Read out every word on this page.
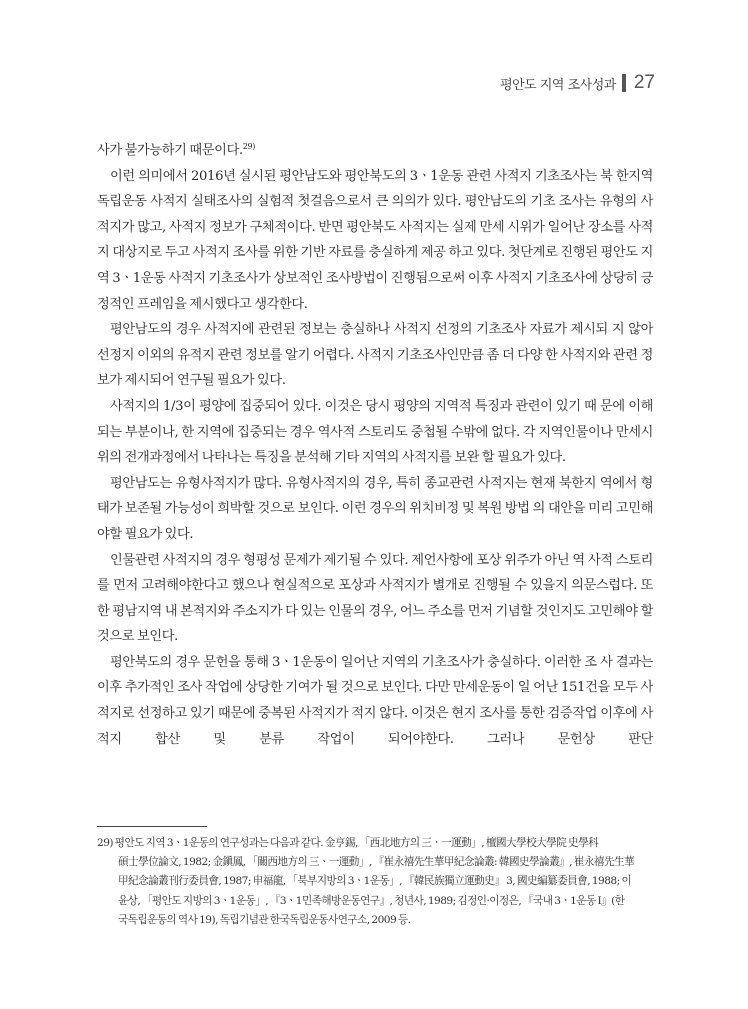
평안도 지역 조사성과 27

사가 불가능하기 때문이다.$^{29)}$

이런 의미에서 2016년 실시된 평안남도와 평안북도의 3ㆍ1운동 관련 사적지 기초조사는 북 한지역 독립운동 사적지 실태조사의 실험적 첫걸음으로서 큰 의의가 있다. 평안남도의 기초 조사는 유형의 사적지가 많고, 사적지 정보가 구체적이다. 반면 평안북도 사적지는 실제 만세 시위가 일어난 장소를 사적지 대상지로 두고 사적지 조사를 위한 기반 자료를 충실하게 제공 하고 있다. 첫단계로 진행된 평안도 지역 3ㆍ1운동 사적지 기초조사가 상보적인 조사방법이 진행됨으로써 이후 사적지 기초조사에 상당히 긍정적인 프레임을 제시했다고 생각한다.

평안남도의 경우 사적지에 관련된 정보는 충실하나 사적지 선정의 기초조사 자료가 제시되 지 않아 선정지 이외의 유적지 관련 정보를 알기 어렵다. 사적지 기초조사인만큼 좀 더 다양 한 사적지와 관련 정보가 제시되어 연구될 필요가 있다.

사적지의 1/3이 평양에 집중되어 있다. 이것은 당시 평양의 지역적 특징과 관련이 있기 때 문에 이해되는 부분이나, 한 지역에 집중되는 경우 역사적 스토리도 중첩될 수밖에 없다. 각 지역인물이나 만세시위의 전개과정에서 나타나는 특징을 분석해 기타 지역의 사적지를 보완 할 필요가 있다.

평안남도는 유형사적지가 많다. 유형사적지의 경우, 특히 종교관련 사적지는 현재 북한지 역에서 형태가 보존될 가능성이 희박할 것으로 보인다. 이런 경우의 위치비정 및 복원 방법 의 대안을 미리 고민해야할 필요가 있다.

인물관련 사적지의 경우 형평성 문제가 제기될 수 있다. 제언사항에 포상 위주가 아닌 역 사적 스토리를 먼저 고려해야한다고 했으나 현실적으로 포상과 사적지가 별개로 진행될 수 있을지 의문스럽다. 또한 평남지역 내 본적지와 주소지가 다 있는 인물의 경우, 어느 주소를 먼저 기념할 것인지도 고민해야 할 것으로 보인다.

평안북도의 경우 문헌을 통해 3ㆍ1운동이 일어난 지역의 기초조사가 충실하다. 이러한 조 사 결과는 이후 추가적인 조사 작업에 상당한 기여가 될 것으로 보인다. 다만 만세운동이 일 어난 151건을 모두 사적지로 선정하고 있기 때문에 중복된 사적지가 적지 않다. 이것은 현지 조사를 통한 검증작업 이후에 사적지 합산 및 분류 작업이 되어야한다. 그러나 문헌상 판단

29) 평안도 지역 3ㆍ1운동의 연구성과는 다음과 같다. 金亨錫, 「西北地方의 三ㆍ一運動」, 檀國大學校大學院 史學科
碩士學位論文, 1982; 金鎭鳳, 「關西地方의 三ㆍ一運動」, 『崔永禧先生華甲紀念論叢: 韓國史學論叢』, 崔永禧先生華
甲紀念論叢刊行委員會, 1987; 申福龍, 「북부지방의 3ㆍ1운동」, 『韓民族獨立運動史』 3, 國史編纂委員會, 1988; 이
윤상, 「평안도 지방의 3ㆍ1운동」, 『3ㆍ1민족해방운동연구』, 청년사, 1989; 김정인·이정은, 『국내 3ㆍ1운동 Ⅰ』(한
국독립운동의 역사 19), 독립기념관 한국독립운동사연구소, 2009 등.
